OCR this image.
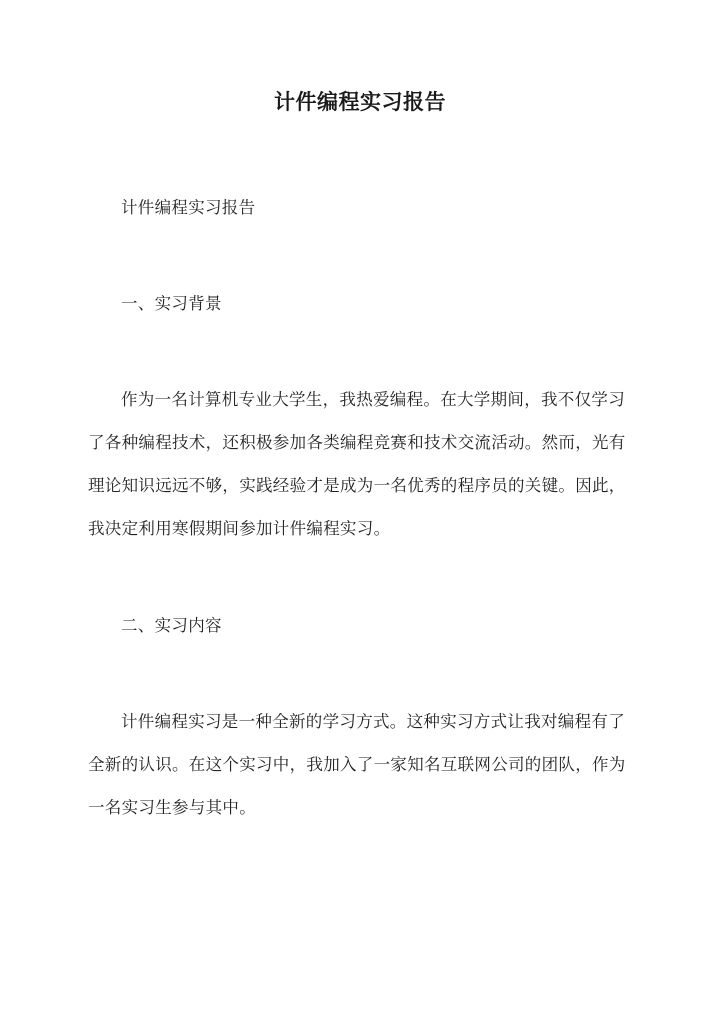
计件编程实习报告
计件编程实习报告
一、实习背景
作为一名计算机专业大学生，我热爱编程。在大学期间，我不仅学习
了各种编程技术，还积极参加各类编程竞赛和技术交流活动。然而，光有
理论知识远远不够，实践经验才是成为一名优秀的程序员的关键。因此，
我决定利用寒假期间参加计件编程实习。
二、实习内容
计件编程实习是一种全新的学习方式。这种实习方式让我对编程有了
全新的认识。在这个实习中，我加入了一家知名互联网公司的团队，作为
一名实习生参与其中。
